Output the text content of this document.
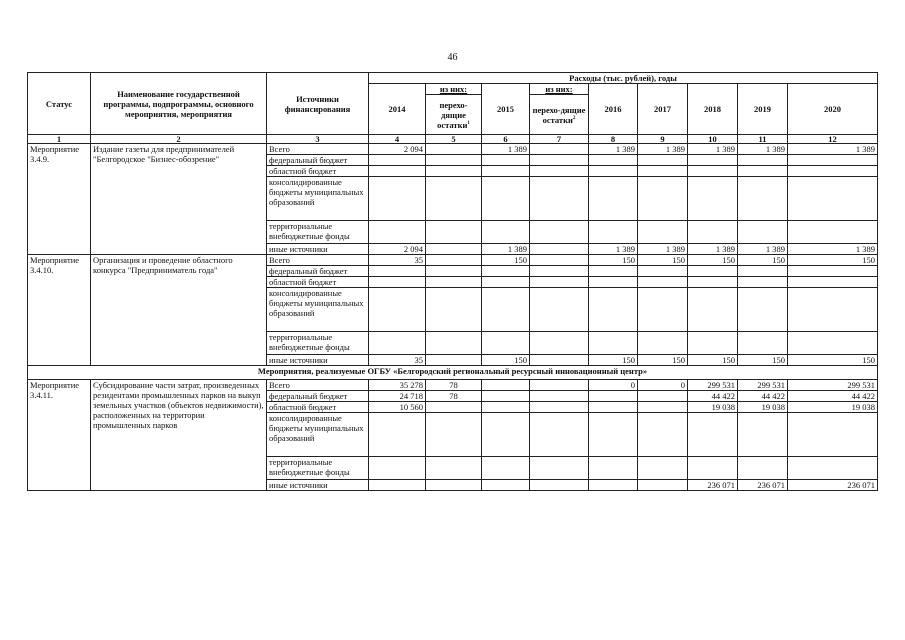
46
Статус	Наименование государственной программы, подпрограммы, основного мероприятия, мероприятия	Источники финансирования	Расходы (тыс. рублей), годы								
			2014	из них:	2015	из них:	2016	2017	2018	2019	2020
				перехо-дящие остатки$^1$		перехо-дящие остатки$^2$
1	2	3	4	5	6	7	8	9	10	11	12
Мероприятие 3.4.9.	Издание газеты для предпринимателей "Белгородское "Бизнес-обозрение"	Всего	2 094		1 389		1 389	1 389	1 389	1 389	1 389
		федеральный бюджет									
		областной бюджет									
		консолидированные бюджеты муниципальных образований									
		территориальные внебюджетные фонды									
		иные источники	2 094		1 389		1 389	1 389	1 389	1 389	1 389
Мероприятие 3.4.10.	Организация и проведение областного конкурса "Предприниматель года"	Всего	35		150		150	150	150	150	150
		федеральный бюджет									
		областной бюджет									
		консолидированные бюджеты муниципальных образований									
		территориальные внебюджетные фонды									
		иные источники	35		150		150	150	150	150	150
Мероприятия, реализуемые ОГБУ «Белгородский региональный ресурсный инновационный центр»											
Мероприятие 3.4.11.	Субсидирование части затрат, произведенных резидентами промышленных парков на выкуп земельных участков (объектов недвижимости), расположенных на территории промышленных парков	Всего	35 278	78			0	0	299 531	299 531	299 531
		федеральный бюджет	24 718	78					44 422	44 422	44 422
		областной бюджет	10 560						19 038	19 038	19 038
		консолидированные бюджеты муниципальных образований									
		территориальные внебюджетные фонды									
		иные источники							236 071	236 071	236 071
